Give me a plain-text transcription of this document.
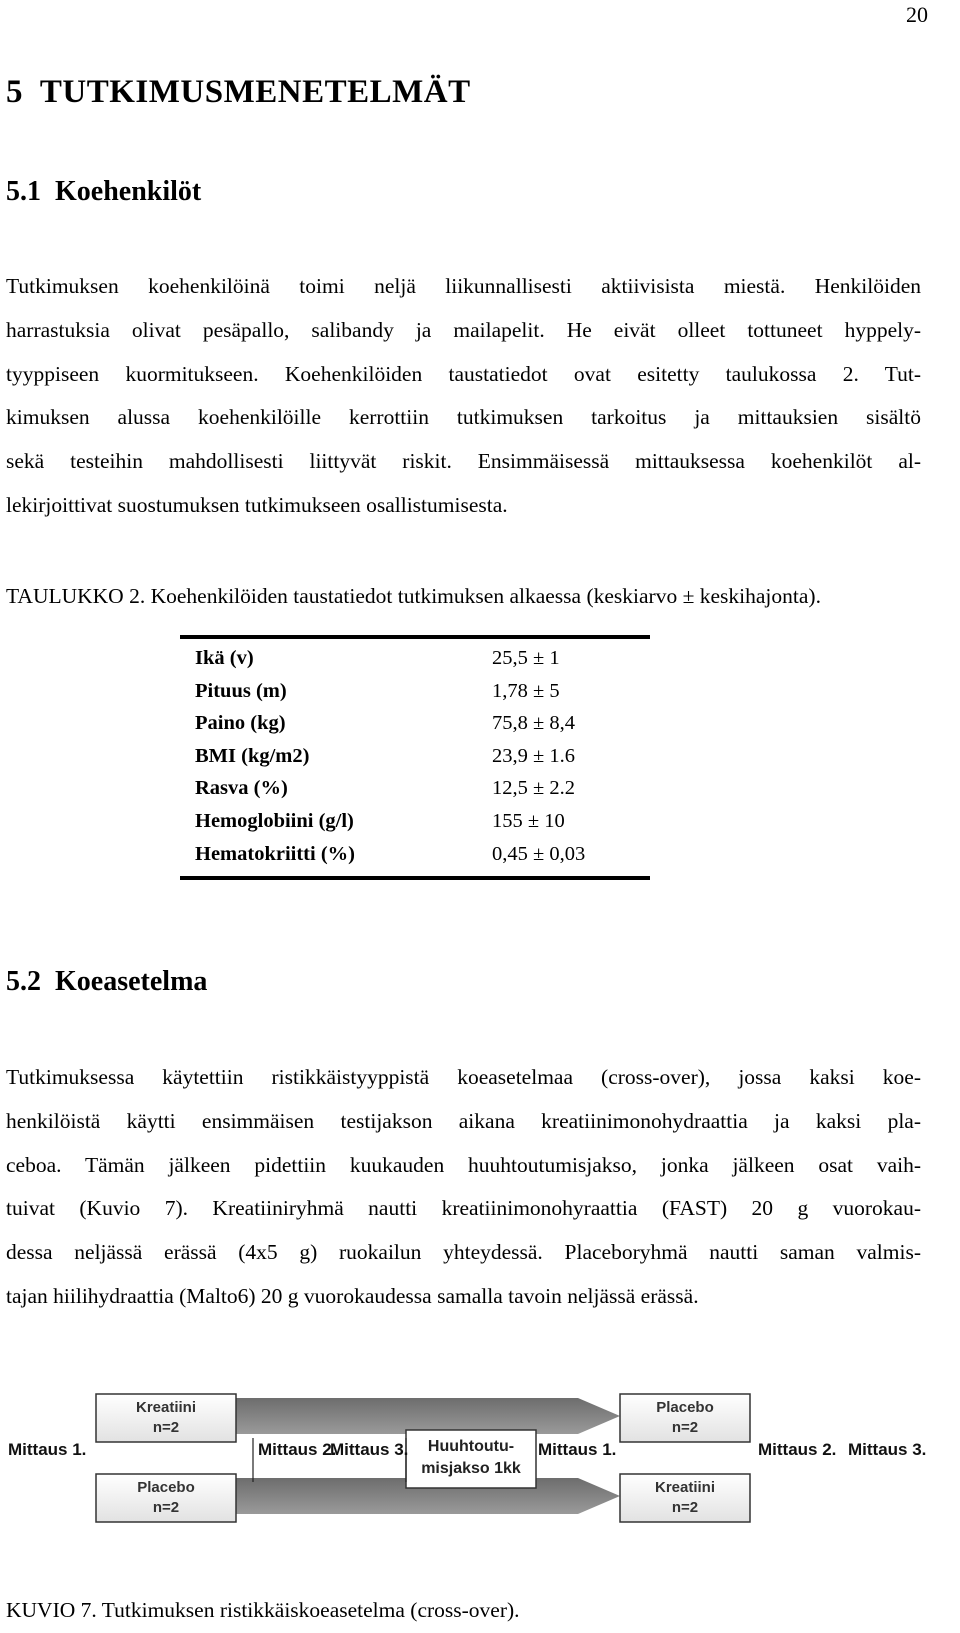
20
5  TUTKIMUSMENETELMÄT
5.1  Koehenkilöt
Tutkimuksen koehenkilöinä toimi neljä liikunnallisesti aktiivisista miestä. Henkilöiden
harrastuksia olivat pesäpallo, salibandy ja mailapelit. He eivät olleet tottuneet hyppely-
tyyppiseen kuormitukseen. Koehenkilöiden taustatiedot ovat esitetty taulukossa 2. Tut-
kimuksen alussa koehenkilöille kerrottiin tutkimuksen tarkoitus ja mittauksien sisältö
sekä testeihin mahdollisesti liittyvät riskit. Ensimmäisessä mittauksessa koehenkilöt al-
lekirjoittivat suostumuksen tutkimukseen osallistumisesta.
TAULUKKO 2. Koehenkilöiden taustatiedot tutkimuksen alkaessa (keskiarvo ± keskihajonta).
Ikä (v)	25,5 ± 1
Pituus (m)	1,78 ± 5
Paino (kg)	75,8 ± 8,4
BMI (kg/m2)	23,9 ± 1.6
Rasva (%)	12,5 ± 2.2
Hemoglobiini (g/l)	155 ± 10
Hematokriitti (%)	0,45 ± 0,03
5.2  Koeasetelma
Tutkimuksessa käytettiin ristikkäistyyppistä koeasetelmaa (cross-over), jossa kaksi koe-
henkilöistä käytti ensimmäisen testijakson aikana kreatiinimonohydraattia ja kaksi pla-
ceboa. Tämän jälkeen pidettiin kuukauden huuhtoutumisjakso, jonka jälkeen osat vaih-
tuivat (Kuvio 7). Kreatiiniryhmä nautti kreatiinimonohyraattia (FAST) 20 g vuorokau-
dessa neljässä erässä (4x5 g) ruokailun yhteydessä. Placeboryhmä nautti saman valmis-
tajan hiilihydraattia (Malto6) 20 g vuorokaudessa samalla tavoin neljässä erässä.
Mittaus 1.	Mittaus 2.
Mittaus 3.	Mittaus 1.	Mittaus 2. Mittaus 3.
Kreatiini
n=2
Placebo
n=2
Placebo
n=2
Kreatiini
n=2
Huuhtoutu-
misjakso 1kk
KUVIO 7. Tutkimuksen ristikkäiskoeasetelma (cross-over).
